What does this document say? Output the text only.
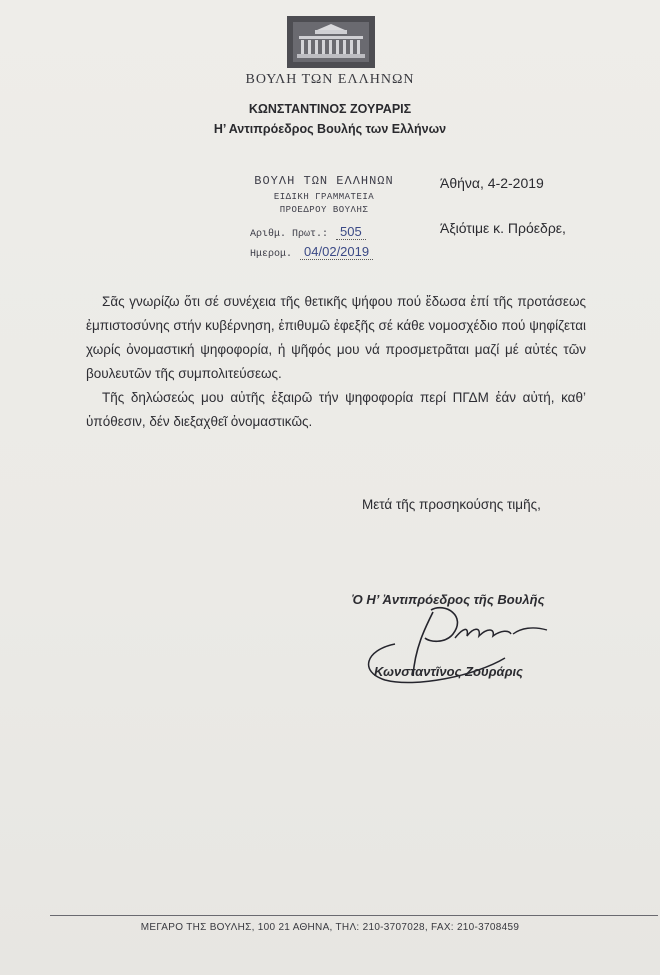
ΒΟΥΛΗ ΤΩΝ ΕΛΛΗΝΩΝ
ΚΩΝΣΤΑΝΤΙΝΟΣ ΖΟΥΡΑΡΙΣ
Η’ Αντιπρόεδρος Βουλής των Ελλήνων
ΒΟΥΛΗ ΤΩΝ ΕΛΛΗΝΩΝ
ΕΙΔΙΚΗ ΓΡΑΜΜΑΤΕΙΑ
ΠΡΟΕΔΡΟΥ ΒΟΥΛΗΣ
Αριθμ. Πρωτ.: 505
Ημερομ. 04/02/2019
Άθήνα, 4-2-2019
Άξιότιμε κ. Πρόεδρε,

Σᾶς γνωρίζω ὅτι σέ συνέχεια τῆς θετικῆς ψήφου πού ἔδωσα ἐπί τῆς προτάσεως ἐμπιστοσύνης στήν κυβέρνηση, ἐπιθυμῶ ἐφεξῆς σέ κάθε νομοσχέδιο πού ψηφίζεται χωρίς ὀνομαστική ψηφοφορία, ἡ ψῆφός μου νά προσμετρᾶται μαζί μέ αὐτές τῶν βουλευτῶν τῆς συμπολιτεύσεως.

Τῆς δηλώσεώς μου αὐτῆς ἐξαιρῶ τήν ψηφοφορία περί ΠΓΔΜ ἐάν αὐτή, καθ’ ὑπόθεσιν, δέν διεξαχθεῖ ὀνομαστικῶς.

Μετά τῆς προσηκούσης τιμῆς,
Ὁ Η’ Ἀντιπρόεδρος τῆς Βουλῆς
Κωνσταντῖνος Ζουράρις
ΜΕΓΑΡΟ ΤΗΣ ΒΟΥΛΗΣ, 100 21 ΑΘΗΝΑ, ΤΗΛ: 210-3707028, FAX: 210-3708459
